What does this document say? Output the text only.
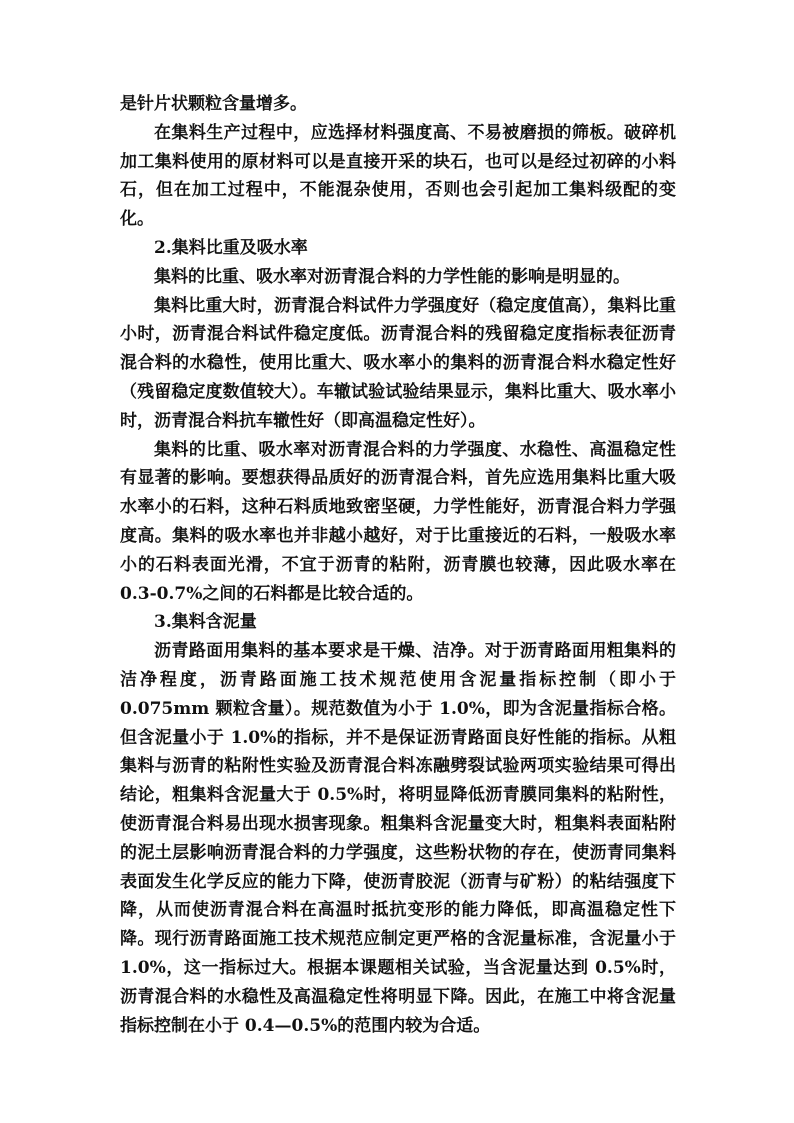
是针片状颗粒含量增多。

在集料生产过程中，应选择材料强度高、不易被磨损的筛板。破碎机加工集料使用的原材料可以是直接开采的块石，也可以是经过初碎的小料石，但在加工过程中，不能混杂使用，否则也会引起加工集料级配的变化。

2.集料比重及吸水率

集料的比重、吸水率对沥青混合料的力学性能的影响是明显的。

集料比重大时，沥青混合料试件力学强度好（稳定度值高），集料比重小时，沥青混合料试件稳定度低。沥青混合料的残留稳定度指标表征沥青混合料的水稳性，使用比重大、吸水率小的集料的沥青混合料水稳定性好（残留稳定度数值较大）。车辙试验试验结果显示，集料比重大、吸水率小时，沥青混合料抗车辙性好（即高温稳定性好）。

集料的比重、吸水率对沥青混合料的力学强度、水稳性、高温稳定性有显著的影响。要想获得品质好的沥青混合料，首先应选用集料比重大吸水率小的石料，这种石料质地致密坚硬，力学性能好，沥青混合料力学强度高。集料的吸水率也并非越小越好，对于比重接近的石料，一般吸水率小的石料表面光滑，不宜于沥青的粘附，沥青膜也较薄，因此吸水率在 0.3-0.7%之间的石料都是比较合适的。

3.集料含泥量

沥青路面用集料的基本要求是干燥、洁净。对于沥青路面用粗集料的洁净程度，沥青路面施工技术规范使用含泥量指标控制（即小于 0.075mm 颗粒含量）。规范数值为小于 1.0%，即为含泥量指标合格。但含泥量小于 1.0%的指标，并不是保证沥青路面良好性能的指标。从粗集料与沥青的粘附性实验及沥青混合料冻融劈裂试验两项实验结果可得出结论，粗集料含泥量大于 0.5%时，将明显降低沥青膜同集料的粘附性，使沥青混合料易出现水损害现象。粗集料含泥量变大时，粗集料表面粘附的泥土层影响沥青混合料的力学强度，这些粉状物的存在，使沥青同集料表面发生化学反应的能力下降，使沥青胶泥（沥青与矿粉）的粘结强度下降，从而使沥青混合料在高温时抵抗变形的能力降低，即高温稳定性下降。现行沥青路面施工技术规范应制定更严格的含泥量标准，含泥量小于 1.0%，这一指标过大。根据本课题相关试验，当含泥量达到 0.5%时，沥青混合料的水稳性及高温稳定性将明显下降。因此，在施工中将含泥量指标控制在小于 0.4—0.5%的范围内较为合适。
